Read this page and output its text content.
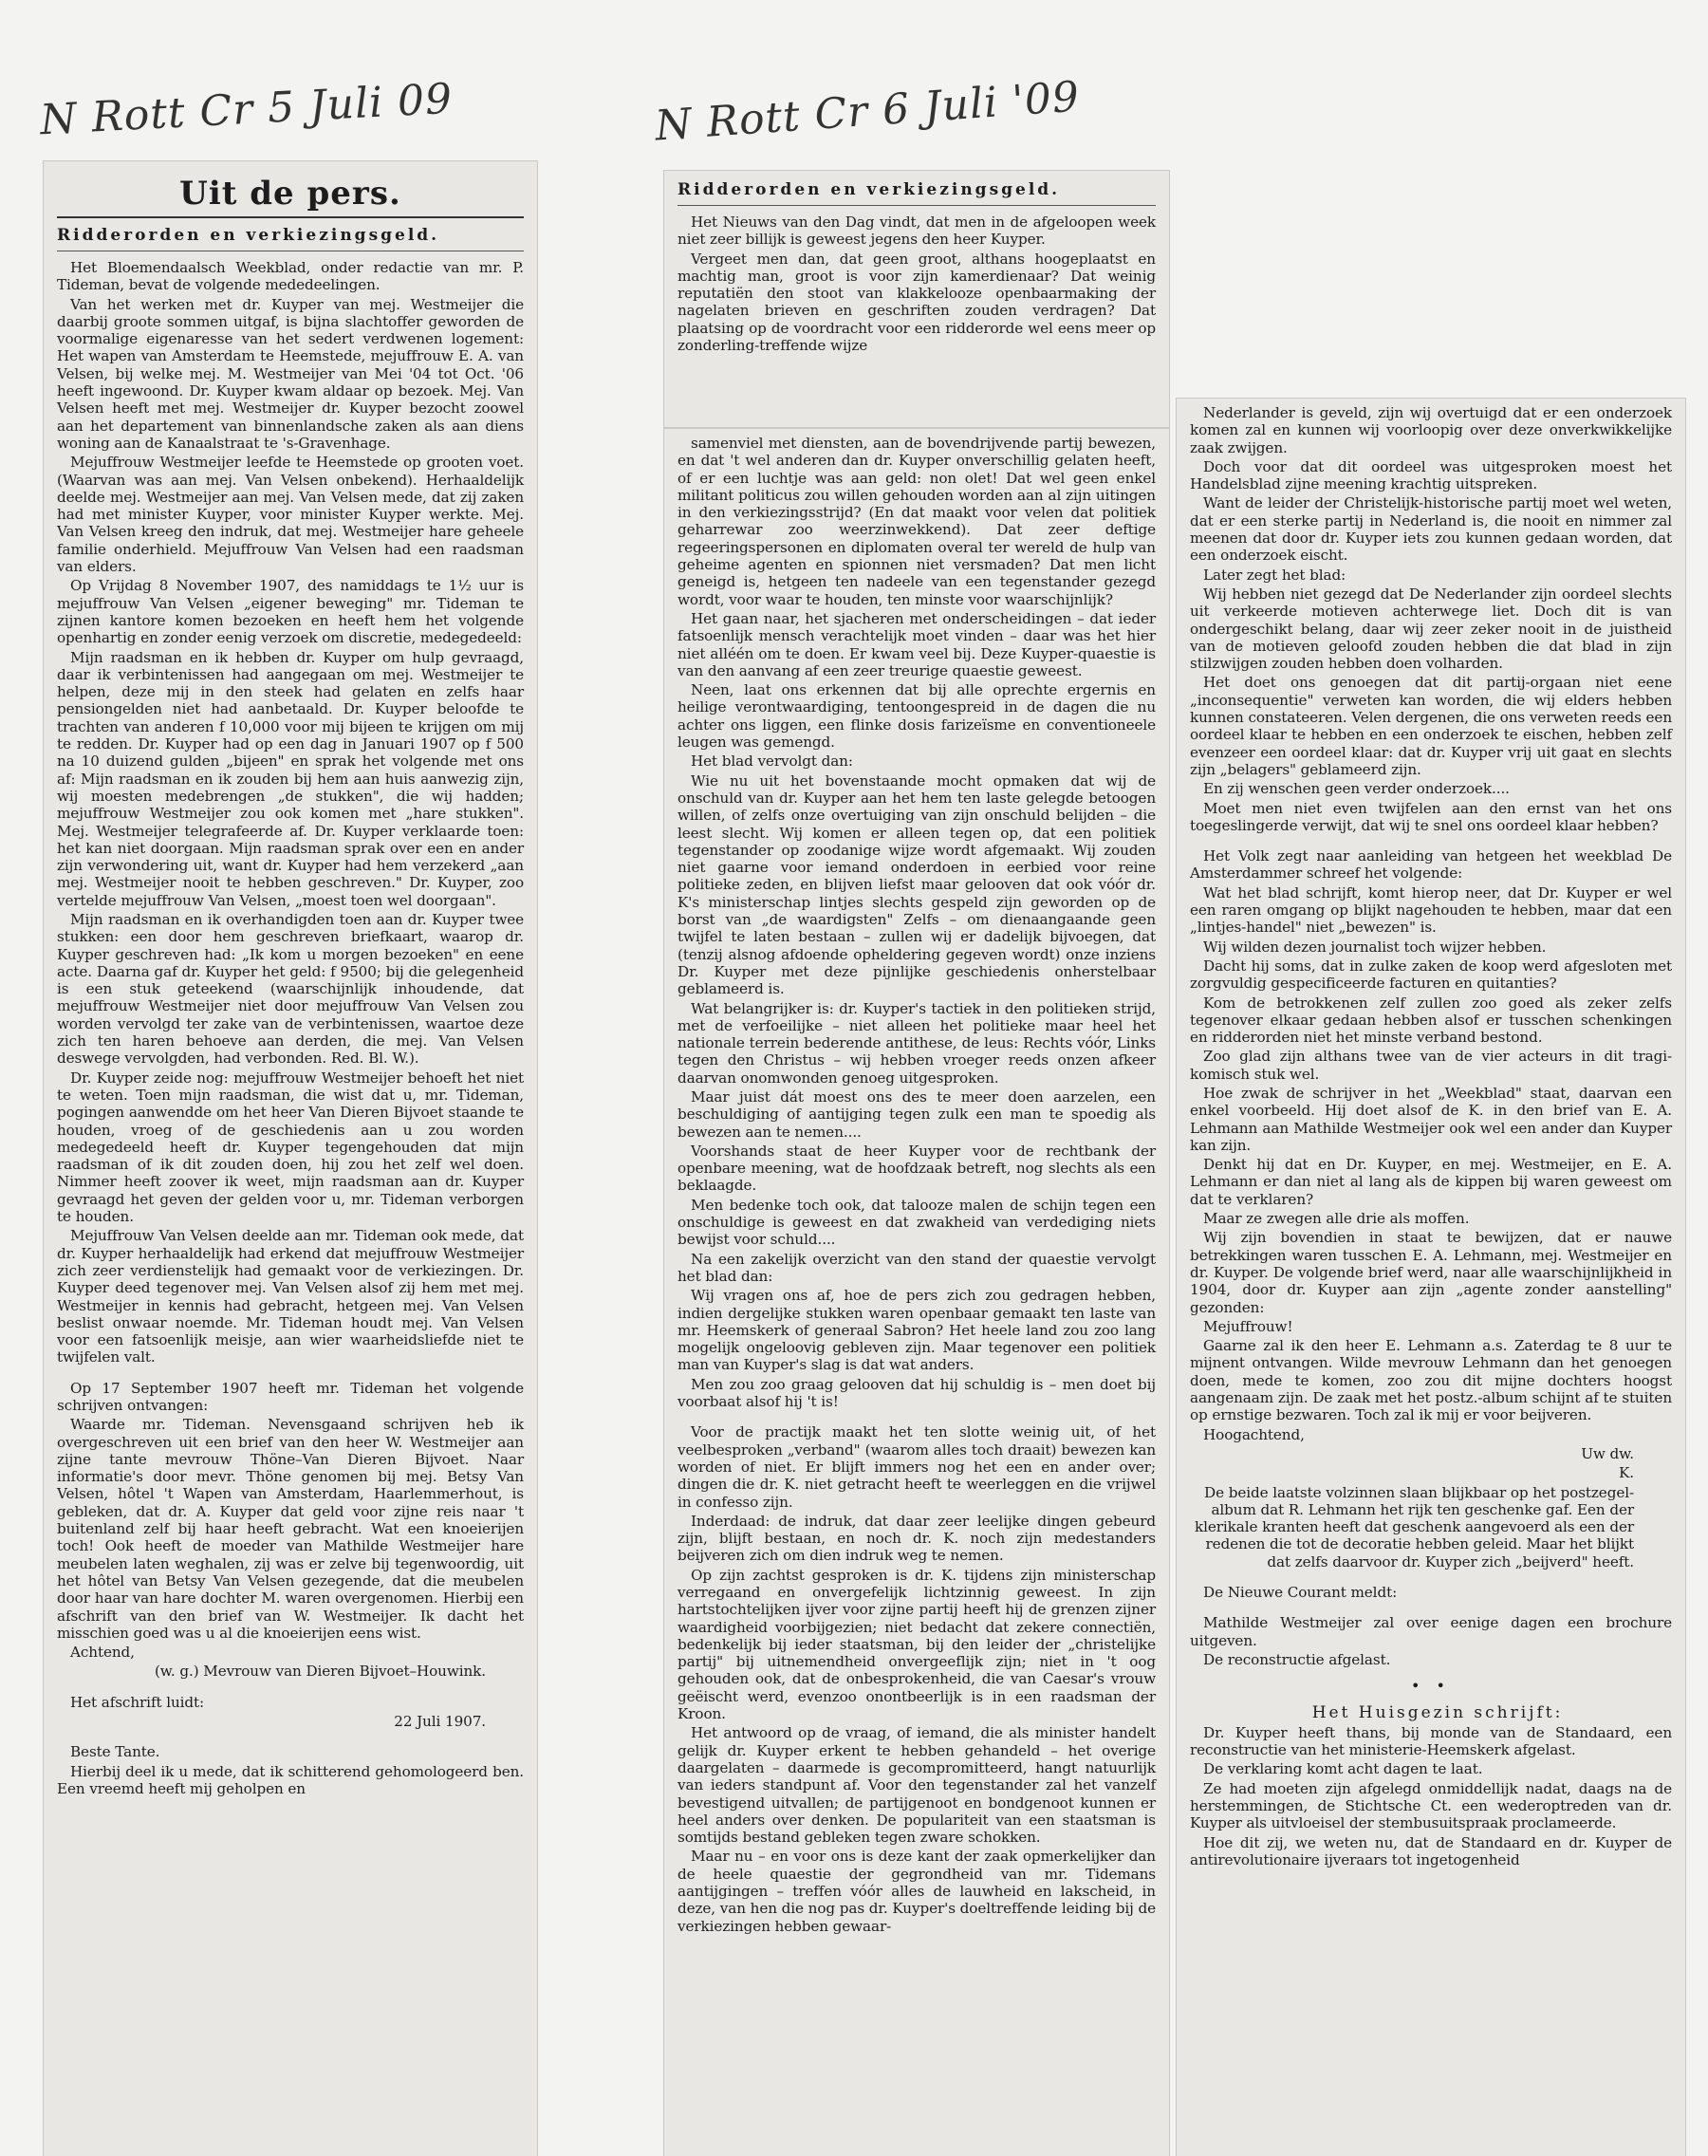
N Rott Cr 5 Juli 09	N Rott Cr 6 Juli '09
Uit de pers.
Ridderorden en verkiezingsgeld.

Het Bloemendaalsch Weekblad, onder redactie van mr. P. Tideman, bevat de volgende mededeelingen.

Van het werken met dr. Kuyper van mej. Westmeijer die daarbij groote sommen uitgaf, is bijna slachtoffer geworden de voormalige eigenaresse van het sedert verdwenen logement: Het wapen van Amsterdam te Heemstede, mejuffrouw E. A. van Velsen, bij welke mej. M. Westmeijer van Mei '04 tot Oct. '06 heeft ingewoond. Dr. Kuyper kwam aldaar op bezoek. Mej. Van Velsen heeft met mej. Westmeijer dr. Kuyper bezocht zoowel aan het departement van binnenlandsche zaken als aan diens woning aan de Kanaalstraat te 's-Gravenhage.

Mejuffrouw Westmeijer leefde te Heemstede op grooten voet. (Waarvan was aan mej. Van Velsen onbekend). Herhaaldelijk deelde mej. Westmeijer aan mej. Van Velsen mede, dat zij zaken had met minister Kuyper, voor minister Kuyper werkte. Mej. Van Velsen kreeg den indruk, dat mej. Westmeijer hare geheele familie onderhield. Mejuffrouw Van Velsen had een raadsman van elders.

Op Vrijdag 8 November 1907, des namiddags te 1½ uur is mejuffrouw Van Velsen „eigener beweging" mr. Tideman te zijnen kantore komen bezoeken en heeft hem het volgende openhartig en zonder eenig verzoek om discretie, medegedeeld:

Mijn raadsman en ik hebben dr. Kuyper om hulp gevraagd, daar ik verbintenissen had aangegaan om mej. Westmeijer te helpen, deze mij in den steek had gelaten en zelfs haar pensiongelden niet had aanbetaald. Dr. Kuyper beloofde te trachten van anderen f 10,000 voor mij bijeen te krijgen om mij te redden. Dr. Kuyper had op een dag in Januari 1907 op f 500 na 10 duizend gulden „bijeen" en sprak het volgende met ons af: Mijn raadsman en ik zouden bij hem aan huis aanwezig zijn, wij moesten medebrengen „de stukken", die wij hadden; mejuffrouw Westmeijer zou ook komen met „hare stukken". Mej. Westmeijer telegrafeerde af. Dr. Kuyper verklaarde toen: het kan niet doorgaan. Mijn raadsman sprak over een en ander zijn verwondering uit, want dr. Kuyper had hem verzekerd „aan mej. Westmeijer nooit te hebben geschreven." Dr. Kuyper, zoo vertelde mejuffrouw Van Velsen, „moest toen wel doorgaan".

Mijn raadsman en ik overhandigden toen aan dr. Kuyper twee stukken: een door hem geschreven briefkaart, waarop dr. Kuyper geschreven had: „Ik kom u morgen bezoeken" en eene acte. Daarna gaf dr. Kuyper het geld: f 9500; bij die gelegenheid is een stuk geteekend (waarschijnlijk inhoudende, dat mejuffrouw Westmeijer niet door mejuffrouw Van Velsen zou worden vervolgd ter zake van de verbintenissen, waartoe deze zich ten haren behoeve aan derden, die mej. Van Velsen deswege vervolgden, had verbonden. Red. Bl. W.).

Dr. Kuyper zeide nog: mejuffrouw Westmeijer behoeft het niet te weten. Toen mijn raadsman, die wist dat u, mr. Tideman, pogingen aanwendde om het heer Van Dieren Bijvoet staande te houden, vroeg of de geschiedenis aan u zou worden medegedeeld heeft dr. Kuyper tegengehouden dat mijn raadsman of ik dit zouden doen, hij zou het zelf wel doen. Nimmer heeft zoover ik weet, mijn raadsman aan dr. Kuyper gevraagd het geven der gelden voor u, mr. Tideman verborgen te houden.

Mejuffrouw Van Velsen deelde aan mr. Tideman ook mede, dat dr. Kuyper herhaaldelijk had erkend dat mejuffrouw Westmeijer zich zeer verdienstelijk had gemaakt voor de verkiezingen. Dr. Kuyper deed tegenover mej. Van Velsen alsof zij hem met mej. Westmeijer in kennis had gebracht, hetgeen mej. Van Velsen beslist onwaar noemde. Mr. Tideman houdt mej. Van Velsen voor een fatsoenlijk meisje, aan wier waarheidsliefde niet te twijfelen valt.

Op 17 September 1907 heeft mr. Tideman het volgende schrijven ontvangen:

Waarde mr. Tideman. Nevensgaand schrijven heb ik overgeschreven uit een brief van den heer W. Westmeijer aan zijne tante mevrouw Thöne–Van Dieren Bijvoet. Naar informatie's door mevr. Thöne genomen bij mej. Betsy Van Velsen, hôtel 't Wapen van Amsterdam, Haarlemmerhout, is gebleken, dat dr. A. Kuyper dat geld voor zijne reis naar 't buitenland zelf bij haar heeft gebracht. Wat een knoeierijen toch! Ook heeft de moeder van Mathilde Westmeijer hare meubelen laten weghalen, zij was er zelve bij tegenwoordig, uit het hôtel van Betsy Van Velsen gezegende, dat die meubelen door haar van hare dochter M. waren overgenomen. Hierbij een afschrift van den brief van W. Westmeijer. Ik dacht het misschien goed was u al die knoeierijen eens wist.

Achtend,

(w. g.) Mevrouw van Dieren Bijvoet–Houwink.

Het afschrift luidt:

22 Juli 1907.

Beste Tante.

Hierbij deel ik u mede, dat ik schitterend gehomologeerd ben. Een vreemd heeft mij geholpen en

Ridderorden en verkiezingsgeld.

Het Nieuws van den Dag vindt, dat men in de afgeloopen week niet zeer billijk is geweest jegens den heer Kuyper.

Vergeet men dan, dat geen groot, althans hoogeplaatst en machtig man, groot is voor zijn kamerdienaar? Dat weinig reputatiën den stoot van klakkeloozе openbaarmaking der nagelaten brieven en geschriften zouden verdragen? Dat plaatsing op de voordracht voor een ridderorde wel eens meer op zonderling-treffende wijze

samenviel met diensten, aan de bovendrijvende partij bewezen, en dat 't wel anderen dan dr. Kuyper onverschillig gelaten heeft, of er een luchtje was aan geld: non olet! Dat wel geen enkel militant politicus zou willen gehouden worden aan al zijn uitingen in den verkiezingsstrijd? (En dat maakt voor velen dat politiek geharrewar zoo weerzinwekkend). Dat zeer deftige regeeringspersonen en diplomaten overal ter wereld de hulp van geheime agenten en spionnen niet versmaden? Dat men licht geneigd is, hetgeen ten nadeele van een tegenstander gezegd wordt, voor waar te houden, ten minste voor waarschijnlijk?

Het gaan naar, het sjacheren met onderscheidingen – dat ieder fatsoenlijk mensch verachtelijk moet vinden – daar was het hier niet alléén om te doen. Er kwam veel bij. Deze Kuyper-quaestie is van den aanvang af een zeer treurige quaestie geweest.

Neen, laat ons erkennen dat bij alle oprechte ergernis en heilige verontwaardiging, tentoongespreid in de dagen die nu achter ons liggen, een flinke dosis farizeïsme en conventioneele leugen was gemengd.

Het blad vervolgt dan:

Wie nu uit het bovenstaande mocht opmaken dat wij de onschuld van dr. Kuyper aan het hem ten laste gelegde betoogen willen, of zelfs onze overtuiging van zijn onschuld belijden – die leest slecht. Wij komen er alleen tegen op, dat een politiek tegenstander op zoodanige wijze wordt afgemaakt. Wij zouden niet gaarne voor iemand onderdoen in eerbied voor reine politieke zeden, en blijven liefst maar gelooven dat ook vóór dr. K's ministerschap lintjes slechts gespeld zijn geworden op de borst van „de waardigsten" Zelfs – om dienaangaande geen twijfel te laten bestaan – zullen wij er dadelijk bijvoegen, dat (tenzij alsnog afdoende opheldering gegeven wordt) onze inziens Dr. Kuyper met deze pijnlijke geschiedenis onherstelbaar geblameerd is.

Wat belangrijker is: dr. Kuyper's tactiek in den politieken strijd, met de verfoeilijke – niet alleen het politieke maar heel het nationale terrein bederende antithese, de leus: Rechts vóór, Links tegen den Christus – wij hebben vroeger reeds onzen afkeer daarvan onomwonden genoeg uitgesproken.

Maar juist dát moest ons des te meer doen aarzelen, een beschuldiging of aantijging tegen zulk een man te spoedig als bewezen aan te nemen....

Voorshands staat de heer Kuyper voor de rechtbank der openbare meening, wat de hoofdzaak betreft, nog slechts als een beklaagde.

Men bedenke toch ook, dat talooze malen de schijn tegen een onschuldige is geweest en dat zwakheid van verdediging niets bewijst voor schuld....

Na een zakelijk overzicht van den stand der quaestie vervolgt het blad dan:

Wij vragen ons af, hoe de pers zich zou gedragen hebben, indien dergelijke stukken waren openbaar gemaakt ten laste van mr. Heemskerk of generaal Sabron? Het heele land zou zoo lang mogelijk ongeloovig gebleven zijn. Maar tegenover een politiek man van Kuyper's slag is dat wat anders.

Men zou zoo graag gelooven dat hij schuldig is – men doet bij voorbaat alsof hij 't is!

Voor de practijk maakt het ten slotte weinig uit, of het veelbesproken „verband" (waarom alles toch draait) bewezen kan worden of niet. Er blijft immers nog het een en ander over; dingen die dr. K. niet getracht heeft te weerleggen en die vrijwel in confesso zijn.

Inderdaad: de indruk, dat daar zeer leelijke dingen gebeurd zijn, blijft bestaan, en noch dr. K. noch zijn medestanders beijveren zich om dien indruk weg te nemen.

Op zijn zachtst gesproken is dr. K. tijdens zijn ministerschap verregaand en onvergefelijk lichtzinnig geweest. In zijn hartstochtelijken ijver voor zijne partij heeft hij de grenzen zijner waardigheid voorbijgezien; niet bedacht dat zekere connectiën, bedenkelijk bij ieder staatsman, bij den leider der „christelijke partij" bij uitnemendheid onvergeeflijk zijn; niet in 't oog gehouden ook, dat de onbesprokenheid, die van Caesar's vrouw geëischt werd, evenzoo onontbeerlijk is in een raadsman der Kroon.

Het antwoord op de vraag, of iemand, die als minister handelt gelijk dr. Kuyper erkent te hebben gehandeld – het overige daargelaten – daarmede is gecompromitteerd, hangt natuurlijk van ieders standpunt af. Voor den tegenstander zal het vanzelf bevestigend uitvallen; de partijgenoot en bondgenoot kunnen er heel anders over denken. De populariteit van een staatsman is somtijds bestand gebleken tegen zware schokken.

Maar nu – en voor ons is deze kant der zaak opmerkelijker dan de heele quaestie der gegrondheid van mr. Tidemans aantijgingen – treffen vóór alles de lauwheid en lakscheid, in deze, van hen die nog pas dr. Kuyper's doeltreffende leiding bij de verkiezingen hebben gewaar-

Nederlander is geveld, zijn wij overtuigd dat er een onderzoek komen zal en kunnen wij voorloopig over deze onverkwikkelijke zaak zwijgen.

Doch voor dat dit oordeel was uitgesproken moest het Handelsblad zijne meening krachtig uitspreken.

Want de leider der Christelijk-historische partij moet wel weten, dat er een sterke partij in Nederland is, die nooit en nimmer zal meenen dat door dr. Kuyper iets zou kunnen gedaan worden, dat een onderzoek eischt.

Later zegt het blad:

Wij hebben niet gezegd dat De Nederlander zijn oordeel slechts uit verkeerde motieven achterwege liet. Doch dit is van ondergeschikt belang, daar wij zeer zeker nooit in de juistheid van de motieven geloofd zouden hebben die dat blad in zijn stilzwijgen zouden hebben doen volharden.

Het doet ons genoegen dat dit partij-orgaan niet eene „inconsequentie" verweten kan worden, die wij elders hebben kunnen constateeren. Velen dergenen, die ons verweten reeds een oordeel klaar te hebben en een onderzoek te eischen, hebben zelf evenzeer een oordeel klaar: dat dr. Kuyper vrij uit gaat en slechts zijn „belagers" geblameerd zijn.

En zij wenschen geen verder onderzoek....

Moet men niet even twijfelen aan den ernst van het ons toegeslingerde verwijt, dat wij te snel ons oordeel klaar hebben?

Het Volk zegt naar aanleiding van hetgeen het weekblad De Amsterdammer schreef het volgende:

Wat het blad schrijft, komt hierop neer, dat Dr. Kuyper er wel een raren omgang op blijkt nagehouden te hebben, maar dat een „lintjes-handel" niet „bewezen" is.

Wij wilden dezen journalist toch wijzer hebben.

Dacht hij soms, dat in zulke zaken de koop werd afgesloten met zorgvuldig gespecificeerde facturen en quitanties?

Kom de betrokkenen zelf zullen zoo goed als zeker zelfs tegenover elkaar gedaan hebben alsof er tusschen schenkingen en ridderorden niet het minste verband bestond.

Zoo glad zijn althans twee van de vier acteurs in dit tragi-komisch stuk wel.

Hoe zwak de schrijver in het „Weekblad" staat, daarvan een enkel voorbeeld. Hij doet alsof de K. in den brief van E. A. Lehmann aan Mathilde Westmeijer ook wel een ander dan Kuyper kan zijn.

Denkt hij dat en Dr. Kuyper, en mej. Westmeijer, en E. A. Lehmann er dan niet al lang als de kippen bij waren geweest om dat te verklaren?

Maar ze zwegen alle drie als moffen.

Wij zijn bovendien in staat te bewijzen, dat er nauwe betrekkingen waren tusschen E. A. Lehmann, mej. Westmeijer en dr. Kuyper. De volgende brief werd, naar alle waarschijnlijkheid in 1904, door dr. Kuyper aan zijn „agente zonder aanstelling" gezonden:

Mejuffrouw!

Gaarne zal ik den heer E. Lehmann a.s. Zaterdag te 8 uur te mijnent ontvangen. Wilde mevrouw Lehmann dan het genoegen doen, mede te komen, zoo zou dit mijne dochters hoogst aangenaam zijn. De zaak met het postz.-album schijnt af te stuiten op ernstige bezwaren. Toch zal ik mij er voor beijveren.

Hoogachtend,

Uw dw.

K.

De beide laatste volzinnen slaan blijkbaar op het postzegel-album dat R. Lehmann het rijk ten geschenke gaf. Een der klerikale kranten heeft dat geschenk aangevoerd als een der redenen die tot de decoratie hebben geleid. Maar het blijkt dat zelfs daarvoor dr. Kuyper zich „beijverd" heeft.

De Nieuwe Courant meldt:

Mathilde Westmeijer zal over eenige dagen een brochure uitgeven.

De reconstructie afgelast.

• •

Het Huisgezin schrijft:

Dr. Kuyper heeft thans, bij monde van de Standaard, een reconstructie van het ministerie-Heemskerk afgelast.

De verklaring komt acht dagen te laat.

Ze had moeten zijn afgelegd onmiddellijk nadat, daags na de herstemmingen, de Stichtsche Ct. een wederoptreden van dr. Kuyper als uitvloeisel der stembusuitspraak proclameerde.

Hoe dit zij, we weten nu, dat de Standaard en dr. Kuyper de antirevolutionaire ijveraars tot ingetogenheid
